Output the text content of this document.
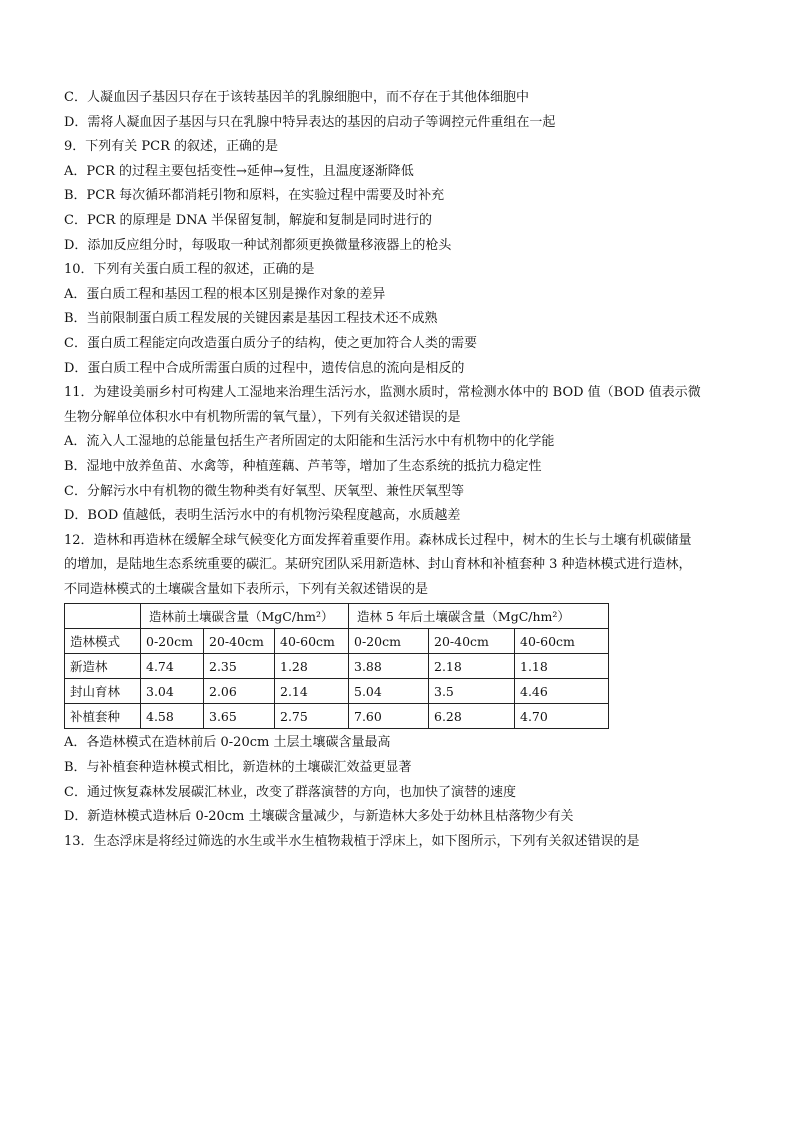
C．人凝血因子基因只存在于该转基因羊的乳腺细胞中，而不存在于其他体细胞中
D．需将人凝血因子基因与只在乳腺中特异表达的基因的启动子等调控元件重组在一起
9．下列有关 PCR 的叙述，正确的是
A．PCR 的过程主要包括变性→延伸→复性，且温度逐渐降低
B．PCR 每次循环都消耗引物和原料，在实验过程中需要及时补充
C．PCR 的原理是 DNA 半保留复制，解旋和复制是同时进行的
D．添加反应组分时，每吸取一种试剂都须更换微量移液器上的枪头
10．下列有关蛋白质工程的叙述，正确的是
A．蛋白质工程和基因工程的根本区别是操作对象的差异
B．当前限制蛋白质工程发展的关键因素是基因工程技术还不成熟
C．蛋白质工程能定向改造蛋白质分子的结构，使之更加符合人类的需要
D．蛋白质工程中合成所需蛋白质的过程中，遗传信息的流向是相反的
11．为建设美丽乡村可构建人工湿地来治理生活污水，监测水质时，常检测水体中的 BOD 值（BOD 值表示微
生物分解单位体积水中有机物所需的氧气量），下列有关叙述错误的是
A．流入人工湿地的总能量包括生产者所固定的太阳能和生活污水中有机物中的化学能
B．湿地中放养鱼苗、水禽等，种植莲藕、芦苇等，增加了生态系统的抵抗力稳定性
C．分解污水中有机物的微生物种类有好氧型、厌氧型、兼性厌氧型等
D．BOD 值越低，表明生活污水中的有机物污染程度越高，水质越差
12．造林和再造林在缓解全球气候变化方面发挥着重要作用。森林成长过程中，树木的生长与土壤有机碳储量
的增加，是陆地生态系统重要的碳汇。某研究团队采用新造林、封山育林和补植套种 3 种造林模式进行造林，
不同造林模式的土壤碳含量如下表所示，下列有关叙述错误的是
	造林前土壤碳含量（MgC/hm²）			造林 5 年后土壤碳含量（MgC/hm²）		
造林模式	0-20cm	20-40cm	40-60cm	0-20cm	20-40cm	40-60cm
新造林	4.74	2.35	1.28	3.88	2.18	1.18
封山育林	3.04	2.06	2.14	5.04	3.5	4.46
补植套种	4.58	3.65	2.75	7.60	6.28	4.70
A．各造林模式在造林前后 0-20cm 土层土壤碳含量最高
B．与补植套种造林模式相比，新造林的土壤碳汇效益更显著
C．通过恢复森林发展碳汇林业，改变了群落演替的方向，也加快了演替的速度
D．新造林模式造林后 0-20cm 土壤碳含量减少，与新造林大多处于幼林且枯落物少有关
13．生态浮床是将经过筛选的水生或半水生植物栽植于浮床上，如下图所示，下列有关叙述错误的是
